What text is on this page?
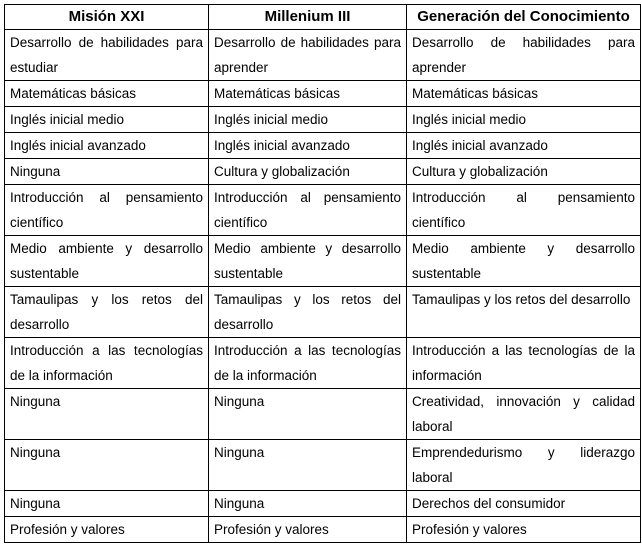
Misión XXI	Millenium III	Generación del Conocimiento
Desarrollo de habilidades para estudiar	Desarrollo de habilidades para aprender	Desarrollo de habilidades para aprender
Matemáticas básicas	Matemáticas básicas	Matemáticas básicas
Inglés inicial medio	Inglés inicial medio	Inglés inicial medio
Inglés inicial avanzado	Inglés inicial avanzado	Inglés inicial avanzado
Ninguna	Cultura y globalización	Cultura y globalización
Introducción al pensamiento científico	Introducción al pensamiento científico	Introducción al pensamiento científico
Medio ambiente y desarrollo sustentable	Medio ambiente y desarrollo sustentable	Medio ambiente y desarrollo sustentable
Tamaulipas y los retos del desarrollo	Tamaulipas y los retos del desarrollo	Tamaulipas y los retos del desarrollo
Introducción a las tecnologías de la información	Introducción a las tecnologías de la información	Introducción a las tecnologías de la información
Ninguna	Ninguna	Creatividad, innovación y calidad laboral
Ninguna	Ninguna	Emprendedurismo y liderazgo laboral
Ninguna	Ninguna	Derechos del consumidor
Profesión y valores	Profesión y valores	Profesión y valores
